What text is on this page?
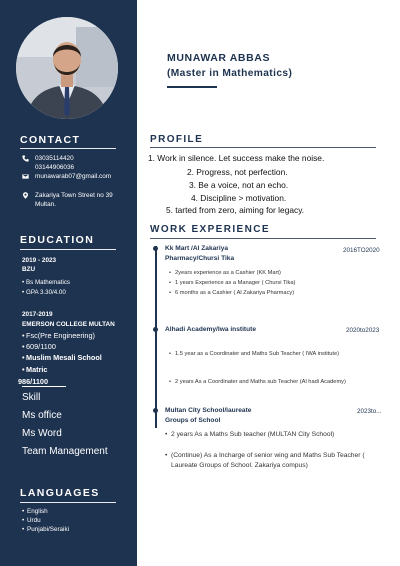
CONTACT
03035114420
03144906036
munawarab07@gmail.com
Zakariya Town Street no 39
Multan.
EDUCATION
2019 - 2023
BZU
• Bs Mathematics
• GPA 3.30/4.00
2017-2019
EMERSON COLLEGE MULTAN
• Fsc(Pre Engineering)
• 609/1100
• Muslim Mesali School
• Matric
986/1100
Skill
Ms office
Ms Word
Team Management
LANGUAGES
• English
• Urdu
• Punjabi/Seraiki
MUNAWAR ABBAS
(Master in Mathematics)
PROFILE
1. Work in silence. Let success make the noise.
2. Progress, not perfection.
3. Be a voice, not an echo.
4. Discipline > motivation.
5. tarted from zero, aiming for legacy.
WORK EXPERIENCE
Kk Mart /Al Zakariya
Pharmacy/Chursi Tika
2016TO2020
• 2years experience as a Cashier (KK Mart)
• 1 years Experience as a Manager ( Chursi Tika)
• 6 months as a Cashier ( Al Zakariya Pharmacy)
Alhadi Academy/Iwa institute	2020to2023
• 1.5 year as a Coordinater and Maths Sub Teacher ( IWA institute)
• 2 years As a Coordinater and Maths sub Teacher (Al hadi Academy)
Multan City School/laureate
Groups of School
2023to...
• 2 years As a Maths Sub teacher (MULTAN City School)
• (Continue) As a Incharge of senior wing and Maths Sub Teacher ( Laureate Groups of School. Zakariya compus)
